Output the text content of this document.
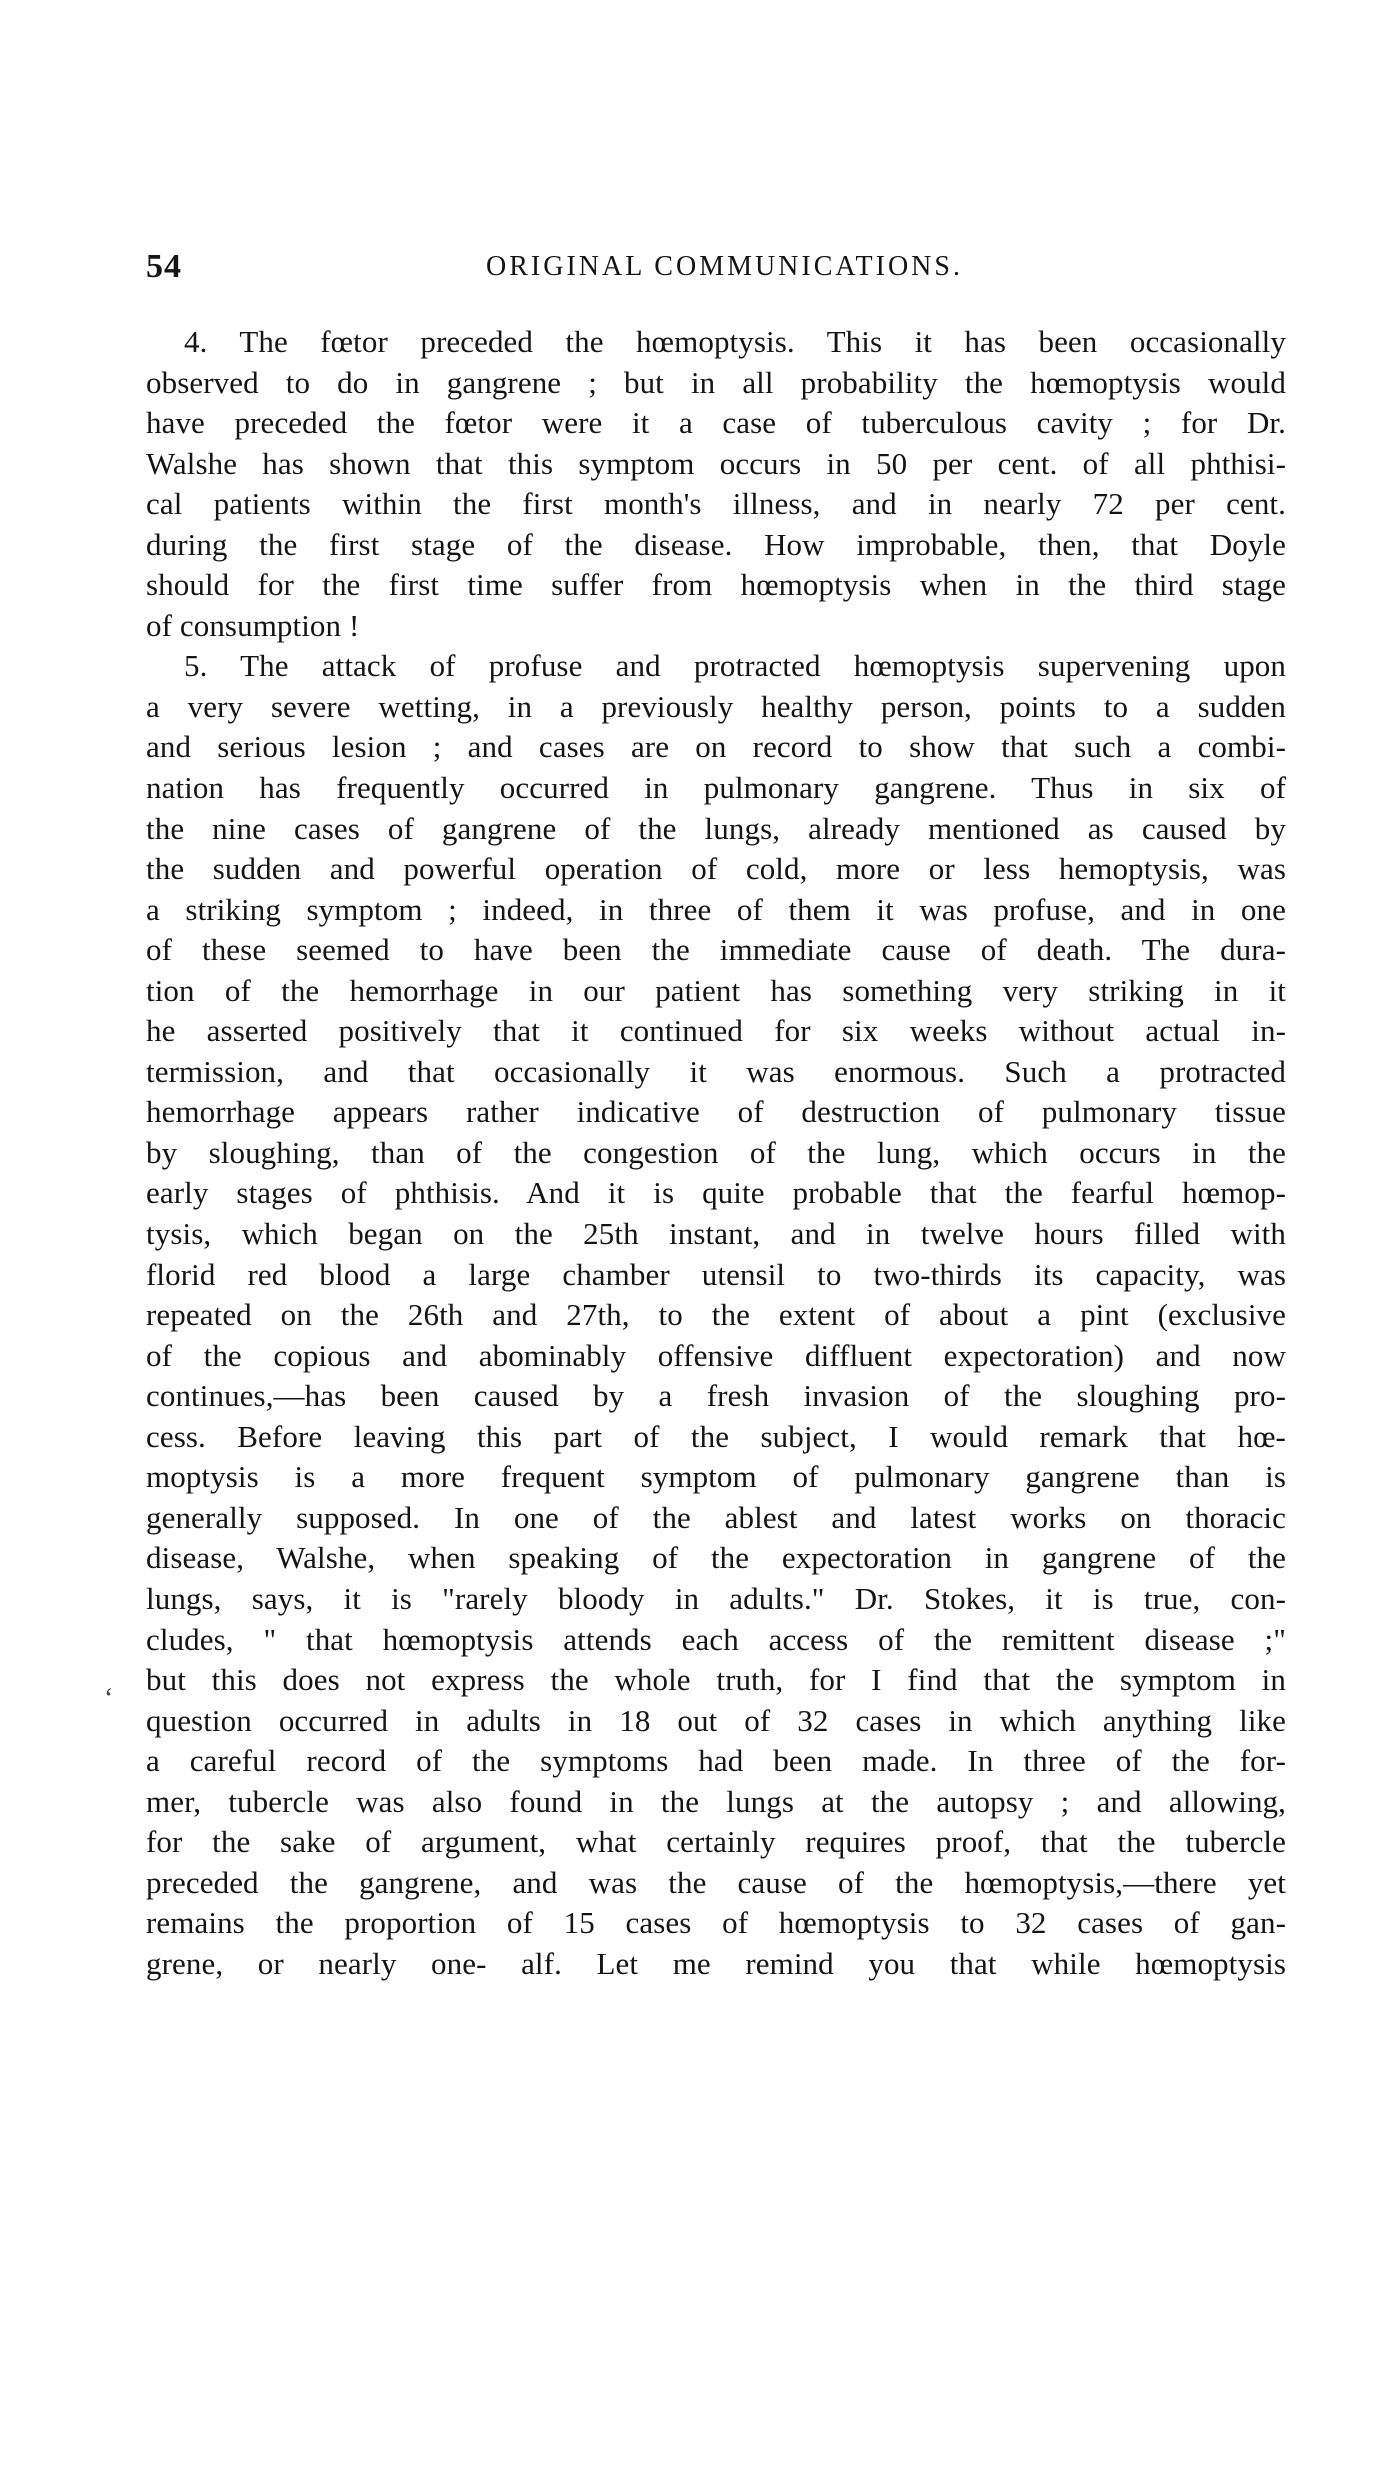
54	ORIGINAL COMMUNICATIONS.
‘
4. The fœtor preceded the hœmoptysis. This it has been occasionally
observed to do in gangrene ; but in all probability the hœmoptysis would
have preceded the fœtor were it a case of tuberculous cavity ; for Dr.
Walshe has shown that this symptom occurs in 50 per cent. of all phthisi-
cal patients within the first month's illness, and in nearly 72 per cent.
during the first stage of the disease. How improbable, then, that Doyle
should for the first time suffer from hœmoptysis when in the third stage
of consumption !
5. The attack of profuse and protracted hœmoptysis supervening upon
a very severe wetting, in a previously healthy person, points to a sudden
and serious lesion ; and cases are on record to show that such a combi-
nation has frequently occurred in pulmonary gangrene. Thus in six of
the nine cases of gangrene of the lungs, already mentioned as caused by
the sudden and powerful operation of cold, more or less hemoptysis, was
a striking symptom ; indeed, in three of them it was profuse, and in one
of these seemed to have been the immediate cause of death. The dura-
tion of the hemorrhage in our patient has something very striking in it
he asserted positively that it continued for six weeks without actual in-
termission, and that occasionally it was enormous. Such a protracted
hemorrhage appears rather indicative of destruction of pulmonary tissue
by sloughing, than of the congestion of the lung, which occurs in the
early stages of phthisis. And it is quite probable that the fearful hœmop-
tysis, which began on the 25th instant, and in twelve hours filled with
florid red blood a large chamber utensil to two-thirds its capacity, was
repeated on the 26th and 27th, to the extent of about a pint (exclusive
of the copious and abominably offensive diffluent expectoration) and now
continues,—has been caused by a fresh invasion of the sloughing pro-
cess. Before leaving this part of the subject, I would remark that hœ-
moptysis is a more frequent symptom of pulmonary gangrene than is
generally supposed. In one of the ablest and latest works on thoracic
disease, Walshe, when speaking of the expectoration in gangrene of the
lungs, says, it is "rarely bloody in adults." Dr. Stokes, it is true, con-
cludes, " that hœmoptysis attends each access of the remittent disease ;"
but this does not express the whole truth, for I find that the symptom in
question occurred in adults in 18 out of 32 cases in which anything like
a careful record of the symptoms had been made. In three of the for-
mer, tubercle was also found in the lungs at the autopsy ; and allowing,
for the sake of argument, what certainly requires proof, that the tubercle
preceded the gangrene, and was the cause of the hœmoptysis,—there yet
remains the proportion of 15 cases of hœmoptysis to 32 cases of gan-
grene, or nearly one- alf. Let me remind you that while hœmoptysis
